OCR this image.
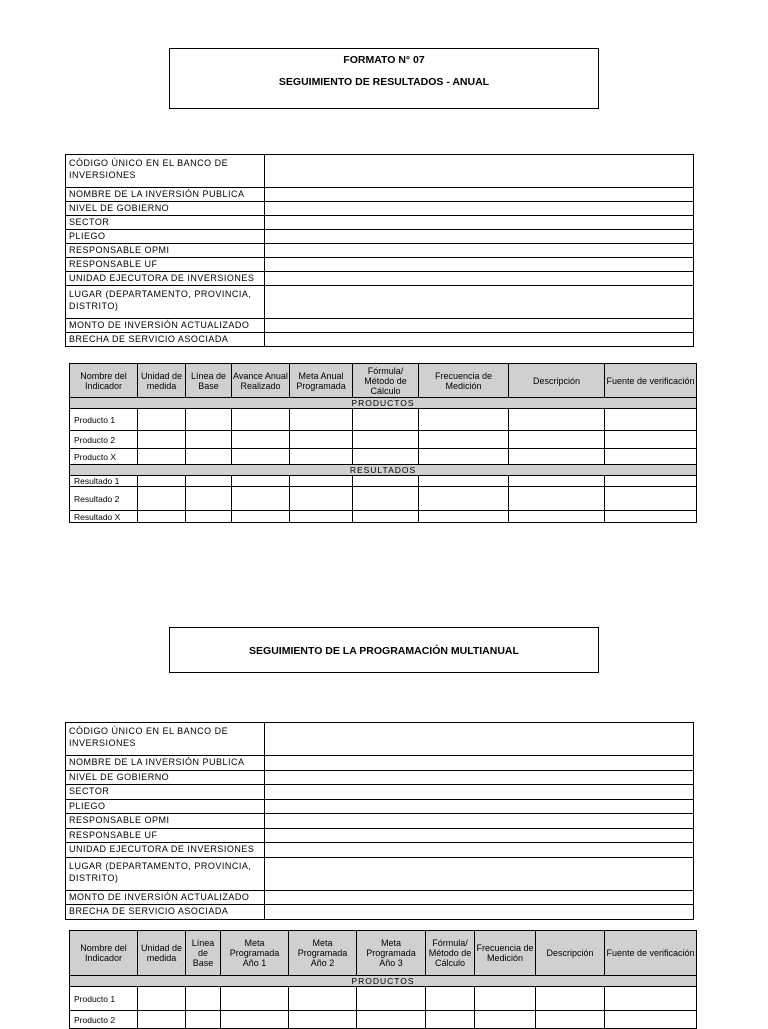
FORMATO N° 07
SEGUIMIENTO DE RESULTADOS - ANUAL
CÓDIGO ÚNICO EN EL BANCO DE INVERSIONES	
NOMBRE DE LA INVERSIÓN PUBLICA	
NIVEL DE GOBIERNO	
SECTOR	
PLIEGO	
RESPONSABLE OPMI	
RESPONSABLE UF	
UNIDAD EJECUTORA DE INVERSIONES	
LUGAR (DEPARTAMENTO, PROVINCIA, DISTRITO)	
MONTO DE INVERSIÓN ACTUALIZADO	
BRECHA DE SERVICIO ASOCIADA	
Nombre del Indicador	Unidad de medida	Línea de Base	Avance Anual Realizado	Meta Anual Programada	Fórmula/ Método de Cálculo	Frecuencia de Medición	Descripción	Fuente de verificación
PRODUCTOS								
Producto 1								
Producto 2								
Producto X								
RESULTADOS								
Resultado 1								
Resultado 2								
Resultado X								
SEGUIMIENTO DE LA PROGRAMACIÓN MULTIANUAL
CÓDIGO ÚNICO EN EL BANCO DE INVERSIONES	
NOMBRE DE LA INVERSIÓN PUBLICA	
NIVEL DE GOBIERNO	
SECTOR	
PLIEGO	
RESPONSABLE OPMI	
RESPONSABLE UF	
UNIDAD EJECUTORA DE INVERSIONES	
LUGAR (DEPARTAMENTO, PROVINCIA, DISTRITO)	
MONTO DE INVERSIÓN ACTUALIZADO	
BRECHA DE SERVICIO ASOCIADA	
Nombre del Indicador	Unidad de medida	Línea de Base	Meta Programada Año 1	Meta Programada Año 2	Meta Programada Año 3	Fórmula/ Método de Cálculo	Frecuencia de Medición	Descripción	Fuente de verificación
PRODUCTOS									
Producto 1									
Producto 2									
